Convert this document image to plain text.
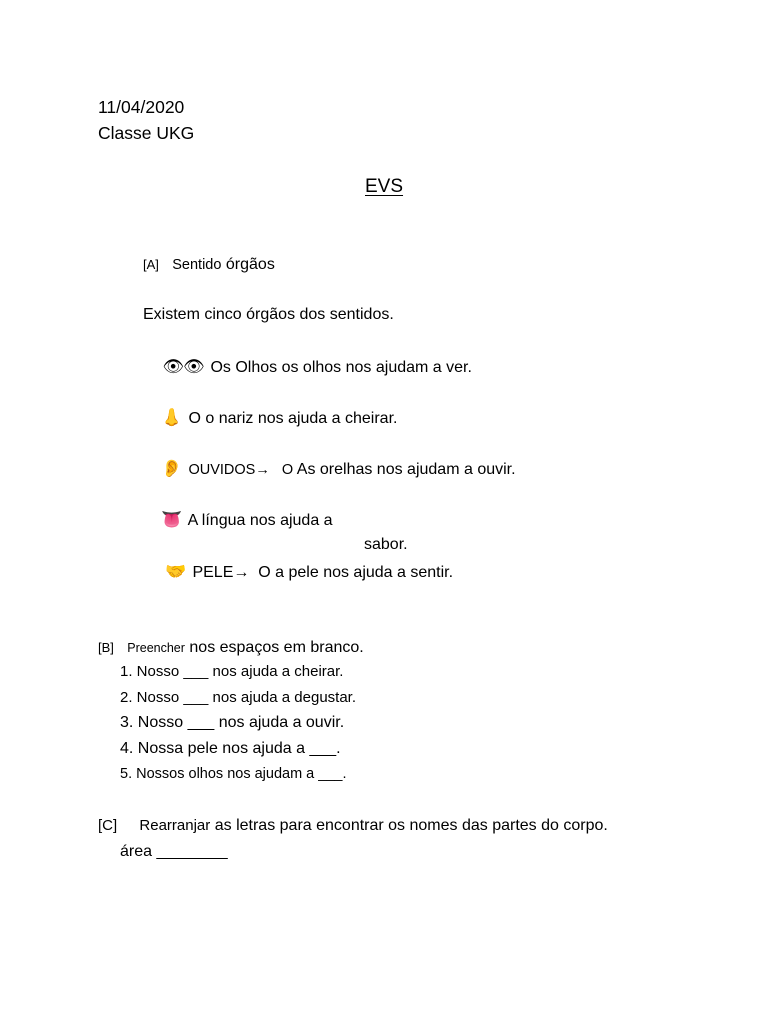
11/04/2020
Classe UKG
EVS
[A] Sentido órgãos
Existem cinco órgãos dos sentidos.
👁👁 Os Olhos os olhos nos ajudam a ver.
👃 O o nariz nos ajuda a cheirar.
👂 OUVIDOS→   O As orelhas nos ajudam a ouvir.
👅 A língua nos ajuda a
sabor.
🤝 PELE→  O a pele nos ajuda a sentir.
[B] Preencher nos espaços em branco.
1. Nosso ___ nos ajuda a cheirar.
2. Nosso ___ nos ajuda a degustar.
3. Nosso ___ nos ajuda a ouvir.
4. Nossa pele nos ajuda a ___.
5. Nossos olhos nos ajudam a ___.
[C] Rearranjar as letras para encontrar os nomes das partes do corpo.
área ________
